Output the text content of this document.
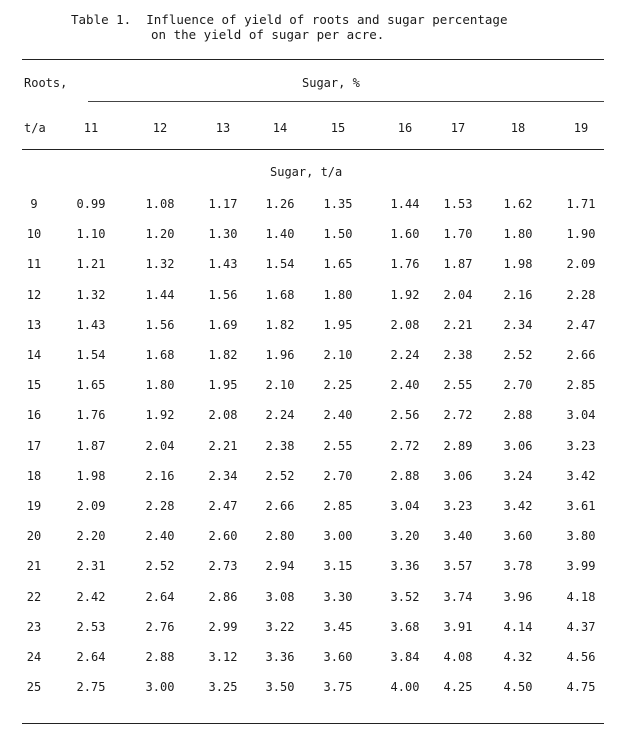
Table 1.  Influence of yield of roots and sugar percentage
on the yield of sugar per acre.
Roots,	Sugar, %
t/a	11	12	13	14	15	16	17	18	19
Sugar, t/a
9	0.99	1.08	1.17	1.26	1.35	1.44	1.53	1.62	1.71
10	1.10	1.20	1.30	1.40	1.50	1.60	1.70	1.80	1.90
11	1.21	1.32	1.43	1.54	1.65	1.76	1.87	1.98	2.09
12	1.32	1.44	1.56	1.68	1.80	1.92	2.04	2.16	2.28
13	1.43	1.56	1.69	1.82	1.95	2.08	2.21	2.34	2.47
14	1.54	1.68	1.82	1.96	2.10	2.24	2.38	2.52	2.66
15	1.65	1.80	1.95	2.10	2.25	2.40	2.55	2.70	2.85
16	1.76	1.92	2.08	2.24	2.40	2.56	2.72	2.88	3.04
17	1.87	2.04	2.21	2.38	2.55	2.72	2.89	3.06	3.23
18	1.98	2.16	2.34	2.52	2.70	2.88	3.06	3.24	3.42
19	2.09	2.28	2.47	2.66	2.85	3.04	3.23	3.42	3.61
20	2.20	2.40	2.60	2.80	3.00	3.20	3.40	3.60	3.80
21	2.31	2.52	2.73	2.94	3.15	3.36	3.57	3.78	3.99
22	2.42	2.64	2.86	3.08	3.30	3.52	3.74	3.96	4.18
23	2.53	2.76	2.99	3.22	3.45	3.68	3.91	4.14	4.37
24	2.64	2.88	3.12	3.36	3.60	3.84	4.08	4.32	4.56
25	2.75	3.00	3.25	3.50	3.75	4.00	4.25	4.50	4.75
